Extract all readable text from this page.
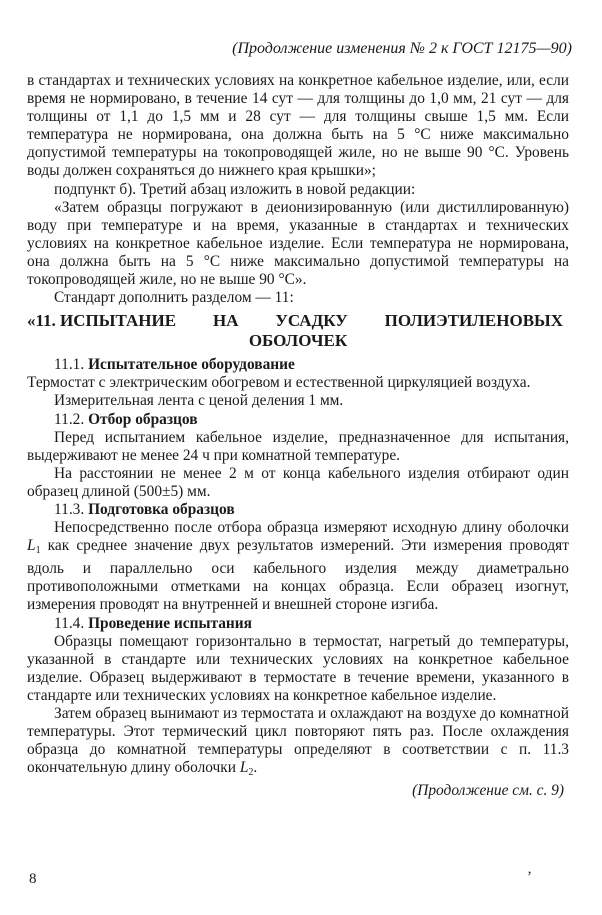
(Продолжение изменения № 2 к ГОСТ 12175—90)

в стандартах и технических условиях на конкретное кабельное изделие, или, если время не нормировано, в течение 14 сут — для толщины до 1,0 мм, 21 сут — для толщины от 1,1 до 1,5 мм и 28 сут — для толщины свыше 1,5 мм. Если температура не нормирована, она должна быть на 5 °С ниже максимально допустимой температуры на токопроводящей жиле, но не выше 90 °С. Уровень воды должен сохраняться до нижнего края крышки»;

подпункт б). Третий абзац изложить в новой редакции:

«Затем образцы погружают в деионизированную (или дистиллированную) воду при температуре и на время, указанные в стандартах и технических условиях на конкретное кабельное изделие. Если температура не нормирована, она должна быть на 5 °С ниже максимально допустимой температуры на токопроводящей жиле, но не выше 90 °С».

Стандарт дополнить разделом — 11:

«11. ИСПЫТАНИЕ НА УСАДКУ ПОЛИЭТИЛЕНОВЫХ
ОБОЛОЧЕК

11.1. Испытательное оборудование

Термостат с электрическим обогревом и естественной циркуляцией воздуха.

Измерительная лента с ценой деления 1 мм.

11.2. Отбор образцов

Перед испытанием кабельное изделие, предназначенное для испытания, выдерживают не менее 24 ч при комнатной температуре.

На расстоянии не менее 2 м от конца кабельного изделия отбирают один образец длиной (500±5) мм.

11.3. Подготовка образцов

Непосредственно после отбора образца измеряют исходную длину оболочки $L_1$ как среднее значение двух результатов измерений. Эти измерения проводят вдоль и параллельно оси кабельного изделия между диаметрально противоположными отметками на концах образца. Если образец изогнут, измерения проводят на внутренней и внешней стороне изгиба.

11.4. Проведение испытания

Образцы помещают горизонтально в термостат, нагретый до температуры, указанной в стандарте или технических условиях на конкретное кабельное изделие. Образец выдерживают в термостате в течение времени, указанного в стандарте или технических условиях на конкретное кабельное изделие.

Затем образец вынимают из термостата и охлаждают на воздухе до комнатной температуры. Этот термический цикл повторяют пять раз. После охлаждения образца до комнатной температуры определяют в соответствии с п. 11.3 окончательную длину оболочки $L_2$.

(Продолжение см. с. 9)

‚
8
